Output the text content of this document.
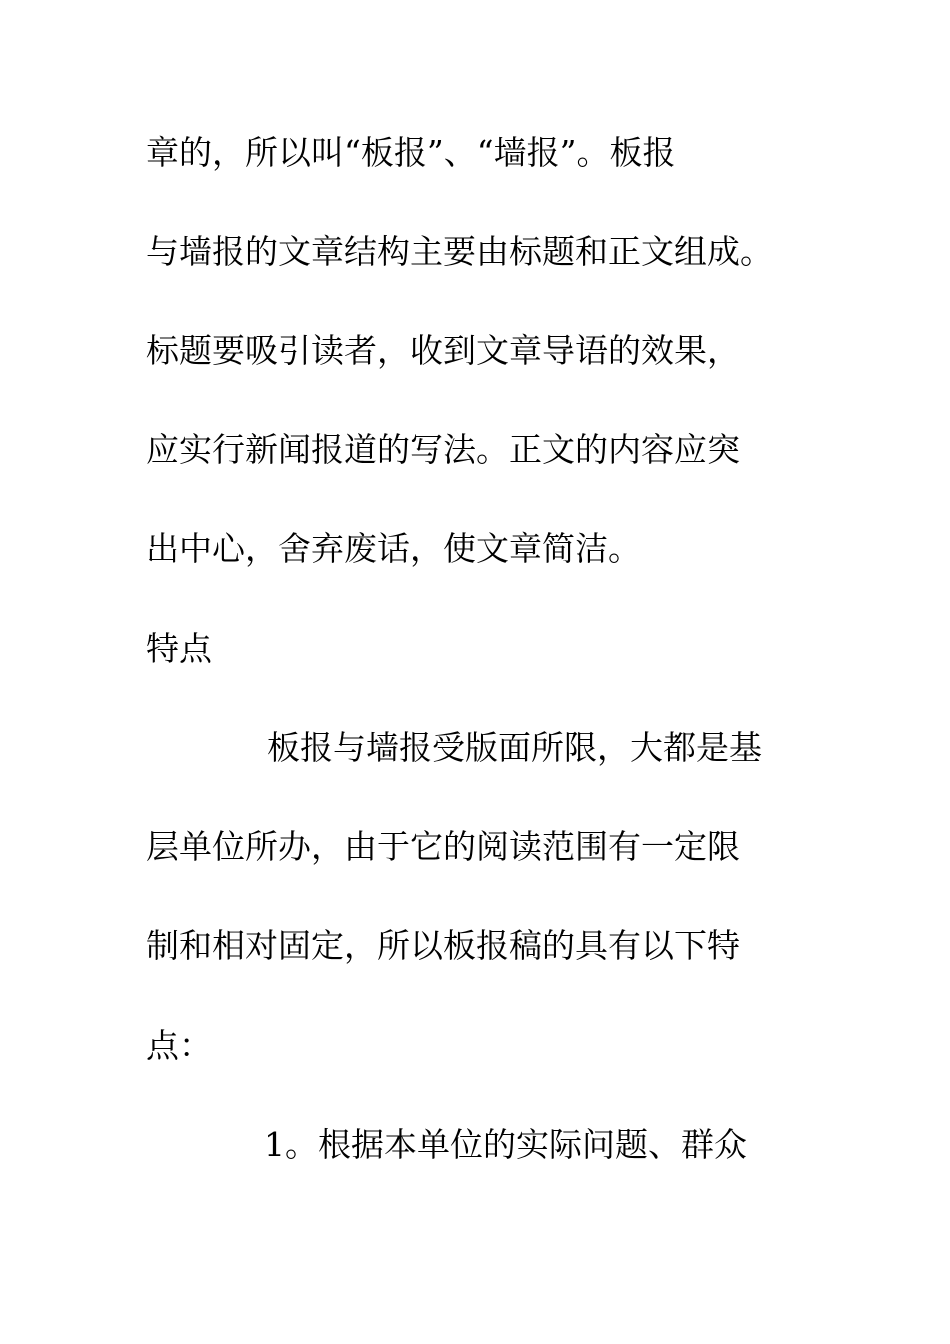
章的，所以叫“板报”、“墙报”。板报
与墙报的文章结构主要由标题和正文组成。
标题要吸引读者，收到文章导语的效果，
应实行新闻报道的写法。正文的内容应突
出中心，舍弃废话，使文章简洁。
特点
板报与墙报受版面所限，大都是基
层单位所办，由于它的阅读范围有一定限
制和相对固定，所以板报稿的具有以下特
点：
1。根据本单位的实际问题、群众
